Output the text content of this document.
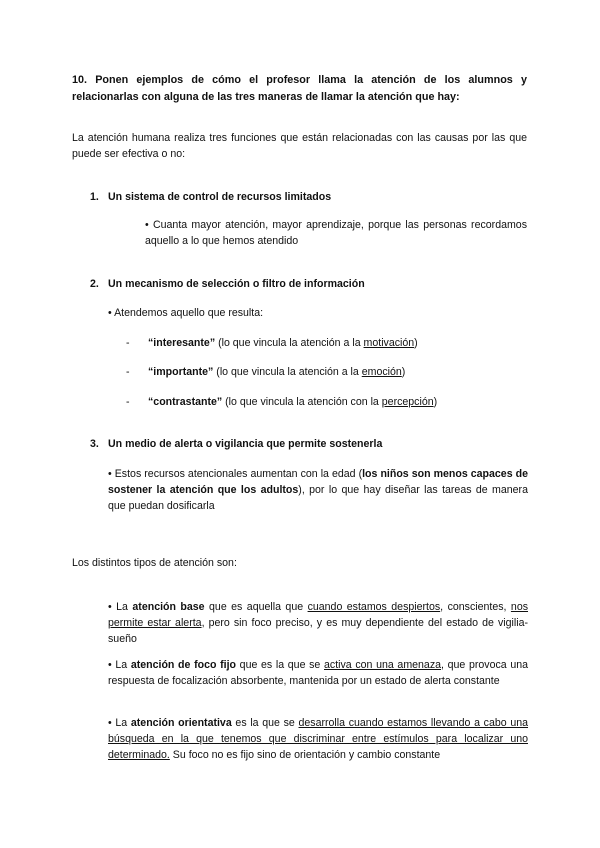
10. Ponen ejemplos de cómo el profesor llama la atención de los alumnos y relacionarlas con alguna de las tres maneras de llamar la atención que hay:
La atención humana realiza tres funciones que están relacionadas con las causas por las que puede ser efectiva o no:
1. Un sistema de control de recursos limitados
• Cuanta mayor atención, mayor aprendizaje, porque las personas recordamos aquello a lo que hemos atendido
2. Un mecanismo de selección o filtro de información
• Atendemos aquello que resulta:
- “interesante” (lo que vincula la atención a la motivación)
- “importante” (lo que vincula la atención a la emoción)
- “contrastante” (lo que vincula la atención con la percepción)
3. Un medio de alerta o vigilancia que permite sostenerla
• Estos recursos atencionales aumentan con la edad (los niños son menos capaces de sostener la atención que los adultos), por lo que hay diseñar las tareas de manera que puedan dosificarla
Los distintos tipos de atención son:
• La atención base que es aquella que cuando estamos despiertos, conscientes, nos permite estar alerta, pero sin foco preciso, y es muy dependiente del estado de vigilia-sueño
• La atención de foco fijo que es la que se activa con una amenaza, que provoca una respuesta de focalización absorbente, mantenida por un estado de alerta constante
• La atención orientativa es la que se desarrolla cuando estamos llevando a cabo una búsqueda en la que tenemos que discriminar entre estímulos para localizar uno determinado. Su foco no es fijo sino de orientación y cambio constante
